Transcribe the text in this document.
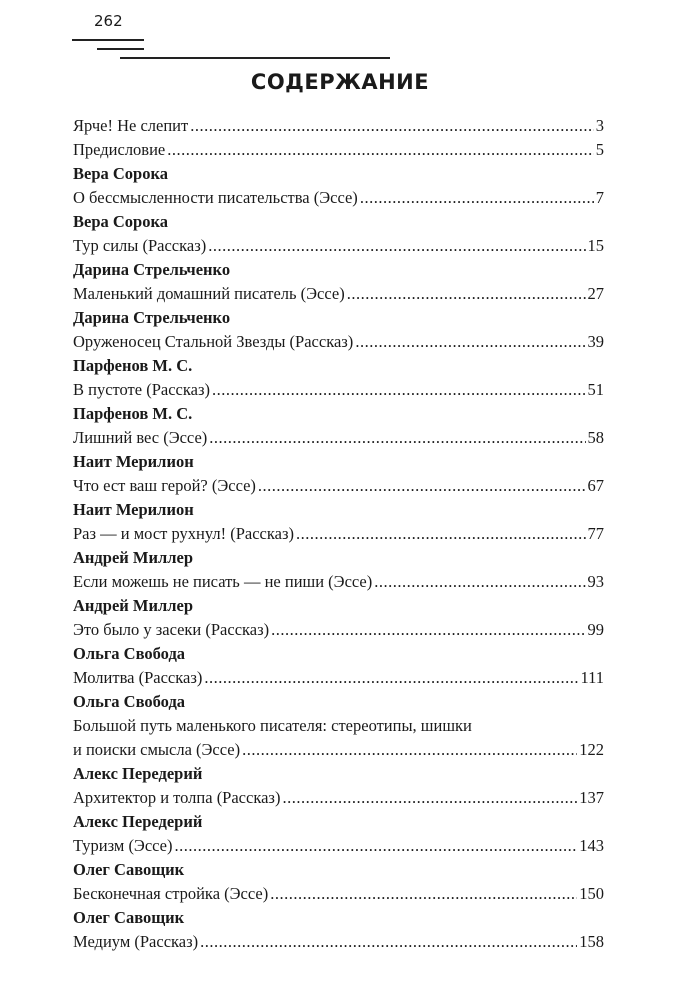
262
СОДЕРЖАНИЕ
Ярче! Не слепит .....	3
Предисловие .....	5
Вера Сорока
О бессмысленности писательства (Эссе) .....	7
Вера Сорока
Тур силы (Рассказ) .....	15
Дарина Стрельченко
Маленький домашний писатель (Эссе) .....	27
Дарина Стрельченко
Оруженосец Стальной Звезды (Рассказ) .....	39
Парфенов М. С.
В пустоте (Рассказ) .....	51
Парфенов М. С.
Лишний вес (Эссе) .....	58
Наит Мерилион
Что ест ваш герой? (Эссе) .....	67
Наит Мерилион
Раз — и мост рухнул! (Рассказ) .....	77
Андрей Миллер
Если можешь не писать — не пиши (Эссе) .....	93
Андрей Миллер
Это было у засеки (Рассказ) .....	99
Ольга Свобода
Молитва (Рассказ) .....	111
Ольга Свобода
Большой путь маленького писателя: стереотипы, шишки
и поиски смысла (Эссе) .....	122
Алекс Передерий
Архитектор и толпа (Рассказ) .....	137
Алекс Передерий
Туризм (Эссе) .....	143
Олег Савощик
Бесконечная стройка (Эссе) .....	150
Олег Савощик
Медиум (Рассказ) .....	158
